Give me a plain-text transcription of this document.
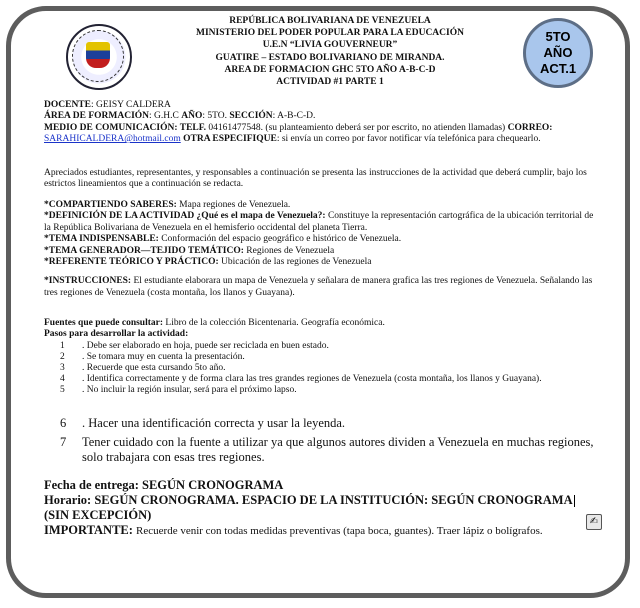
5TO
AÑO
ACT.1
REPÚBLICA BOLIVARIANA DE VENEZUELA
MINISTERIO DEL PODER POPULAR PARA LA EDUCACIÓN
U.E.N “LIVIA GOUVERNEUR”
GUATIRE – ESTADO BOLIVARIANO DE MIRANDA.
AREA DE FORMACION GHC 5TO AÑO A-B-C-D
ACTIVIDAD #1 PARTE 1
DOCENTE: GEISY CALDERA
ÁREA DE FORMACIÓN: G.H.C AÑO: 5TO. SECCIÓN: A-B-C-D.
MEDIO DE COMUNICACIÓN: TELF. 04161477548. (su planteamiento deberá ser por escrito, no atienden llamadas) CORREO: SARAHICALDERA@hotmail.com OTRA ESPECIFIQUE: si envía un correo por favor notificar vía telefónica para chequearlo.
Apreciados estudiantes, representantes, y responsables a continuación se presenta las instrucciones de la actividad que deberá cumplir, bajo los estrictos lineamientos que a continuación se redacta.
*COMPARTIENDO SABERES: Mapa regiones de Venezuela.
*DEFINICIÓN DE LA ACTIVIDAD ¿Qué es el mapa de Venezuela?: Constituye la representación cartográfica de la ubicación territorial de la República Bolivariana de Venezuela en el hemisferio occidental del planeta Tierra.
*TEMA INDISPENSABLE: Conformación del espacio geográfico e histórico de Venezuela.
*TEMA GENERADOR—TEJIDO TEMÁTICO: Regiones de Venezuela
*REFERENTE TEÓRICO Y PRÁCTICO: Ubicación de las regiones de Venezuela
*INSTRUCCIONES: El estudiante elaborara un mapa de Venezuela y señalara de manera grafica las tres regiones de Venezuela. Señalando las tres regiones de Venezuela (costa montaña, los llanos y Guayana).
Fuentes que puede consultar: Libro de la colección Bicentenaria. Geografía económica.
Pasos para desarrollar la actividad:
1	. Debe ser elaborado en hoja, puede ser reciclada en buen estado.
2	. Se tomara muy en cuenta la presentación.
3	. Recuerde que esta cursando 5to año.
4	. Identifica correctamente y de forma clara las tres grandes regiones de Venezuela (costa montaña, los llanos y Guayana).
5	. No incluir la región insular, será para el próximo lapso.
6	. Hacer una identificación correcta y usar la leyenda.
7	Tener cuidado con la fuente a utilizar ya que algunos autores dividen a Venezuela en muchas regiones, solo trabajara con esas tres regiones.
Fecha de entrega: SEGÚN CRONOGRAMA
Horario: SEGÚN CRONOGRAMA. ESPACIO DE LA INSTITUCIÓN: SEGÚN CRONOGRAMA
(SIN EXCEPCIÓN)
IMPORTANTE: Recuerde venir con todas medidas preventivas (tapa boca, guantes). Traer lápiz o bolígrafos.
✍
